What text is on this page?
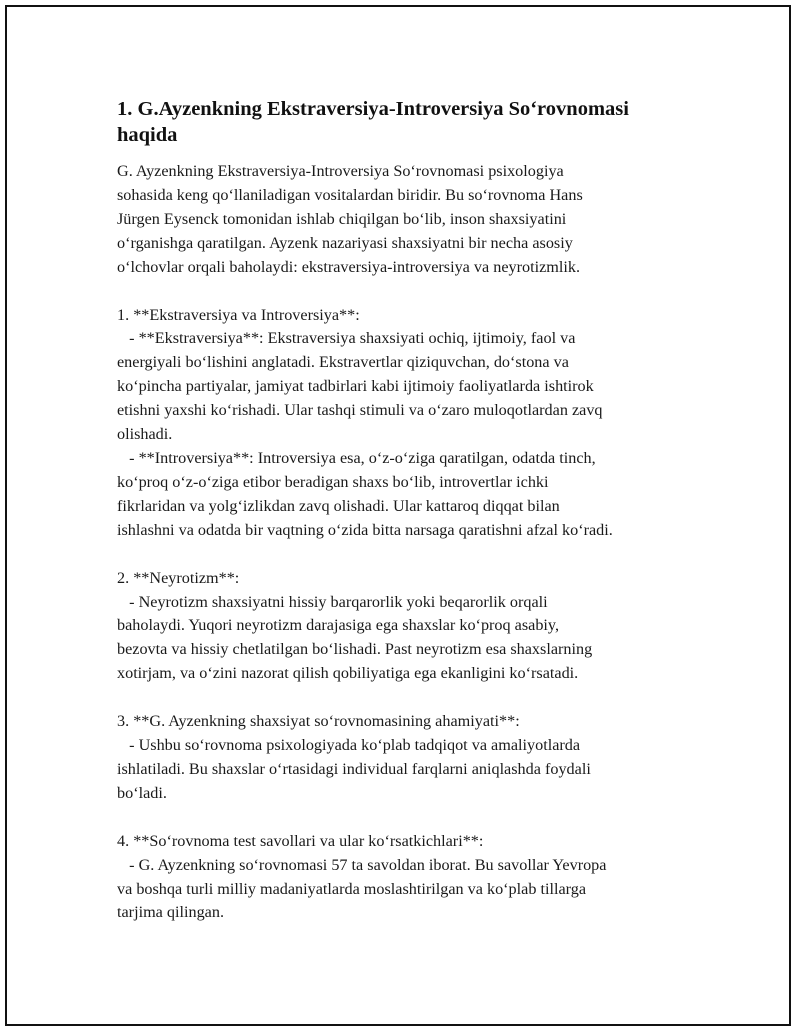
1. G.Ayzenkning Ekstraversiya-Introversiya So‘rovnomasi
haqida
G. Ayzenkning Ekstraversiya-Introversiya So‘rovnomasi psixologiya
sohasida keng qo‘llaniladigan vositalardan biridir. Bu so‘rovnoma Hans
Jürgen Eysenck tomonidan ishlab chiqilgan bo‘lib, inson shaxsiyatini
o‘rganishga qaratilgan. Ayzenk nazariyasi shaxsiyatni bir necha asosiy
o‘lchovlar orqali baholaydi: ekstraversiya-introversiya va neyrotizmlik.
1. **Ekstraversiya va Introversiya**:
- **Ekstraversiya**: Ekstraversiya shaxsiyati ochiq, ijtimoiy, faol va
energiyali bo‘lishini anglatadi. Ekstravertlar qiziquvchan, do‘stona va
ko‘pincha partiyalar, jamiyat tadbirlari kabi ijtimoiy faoliyatlarda ishtirok
etishni yaxshi ko‘rishadi. Ular tashqi stimuli va o‘zaro muloqotlardan zavq
olishadi.
- **Introversiya**: Introversiya esa, o‘z-o‘ziga qaratilgan, odatda tinch,
ko‘proq o‘z-o‘ziga etibor beradigan shaxs bo‘lib, introvertlar ichki
fikrlaridan va yolg‘izlikdan zavq olishadi. Ular kattaroq diqqat bilan
ishlashni va odatda bir vaqtning o‘zida bitta narsaga qaratishni afzal ko‘radi.
2. **Neyrotizm**:
- Neyrotizm shaxsiyatni hissiy barqarorlik yoki beqarorlik orqali
baholaydi. Yuqori neyrotizm darajasiga ega shaxslar ko‘proq asabiy,
bezovta va hissiy chetlatilgan bo‘lishadi. Past neyrotizm esa shaxslarning
xotirjam, va o‘zini nazorat qilish qobiliyatiga ega ekanligini ko‘rsatadi.
3. **G. Ayzenkning shaxsiyat so‘rovnomasining ahamiyati**:
- Ushbu so‘rovnoma psixologiyada ko‘plab tadqiqot va amaliyotlarda
ishlatiladi. Bu shaxslar o‘rtasidagi individual farqlarni aniqlashda foydali
bo‘ladi.
4. **So‘rovnoma test savollari va ular ko‘rsatkichlari**:
- G. Ayzenkning so‘rovnomasi 57 ta savoldan iborat. Bu savollar Yevropa
va boshqa turli milliy madaniyatlarda moslashtirilgan va ko‘plab tillarga
tarjima qilingan.
